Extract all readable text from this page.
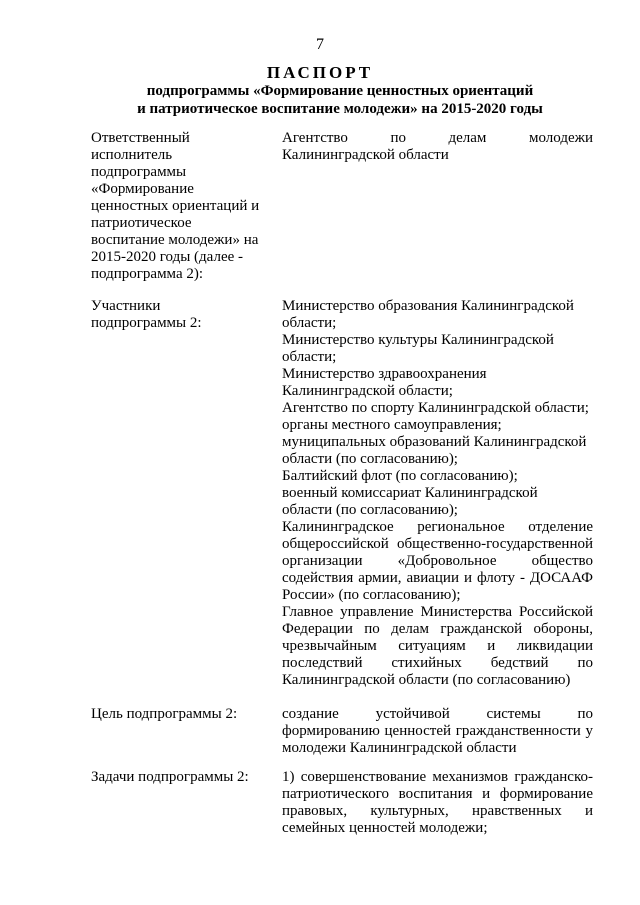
7
ПАСПОРТ
подпрограммы «Формирование ценностных ориентаций
и патриотическое воспитание молодежи» на 2015-2020 годы
Ответственный
исполнитель
подпрограммы
«Формирование
ценностных ориентаций и
патриотическое
воспитание молодежи» на
2015-2020 годы (далее -
подпрограмма 2):
Агентство по делам молодежи
Калининградской области
Участники
подпрограммы 2:
Министерство образования Калининградской
области;
Министерство культуры Калининградской
области;
Министерство здравоохранения
Калининградской области;
Агентство по спорту Калининградской области;
органы местного самоуправления;
муниципальных образований Калининградской
области (по согласованию);
Балтийский флот (по согласованию);
военный комиссариат Калининградской
области (по согласованию);
Калининградское региональное отделение
общероссийской общественно-государственной
организации «Добровольное общество
содействия армии, авиации и флоту - ДОСААФ
России» (по согласованию);
Главное управление Министерства Российской
Федерации по делам гражданской обороны,
чрезвычайным ситуациям и ликвидации
последствий стихийных бедствий по
Калининградской области (по согласованию)
Цель подпрограммы 2:	создание устойчивой системы по
формированию ценностей гражданственности у
молодежи Калининградской области
Задачи подпрограммы 2:	1) совершенствование механизмов гражданско-
патриотического воспитания и формирование
правовых, культурных, нравственных и
семейных ценностей молодежи;
